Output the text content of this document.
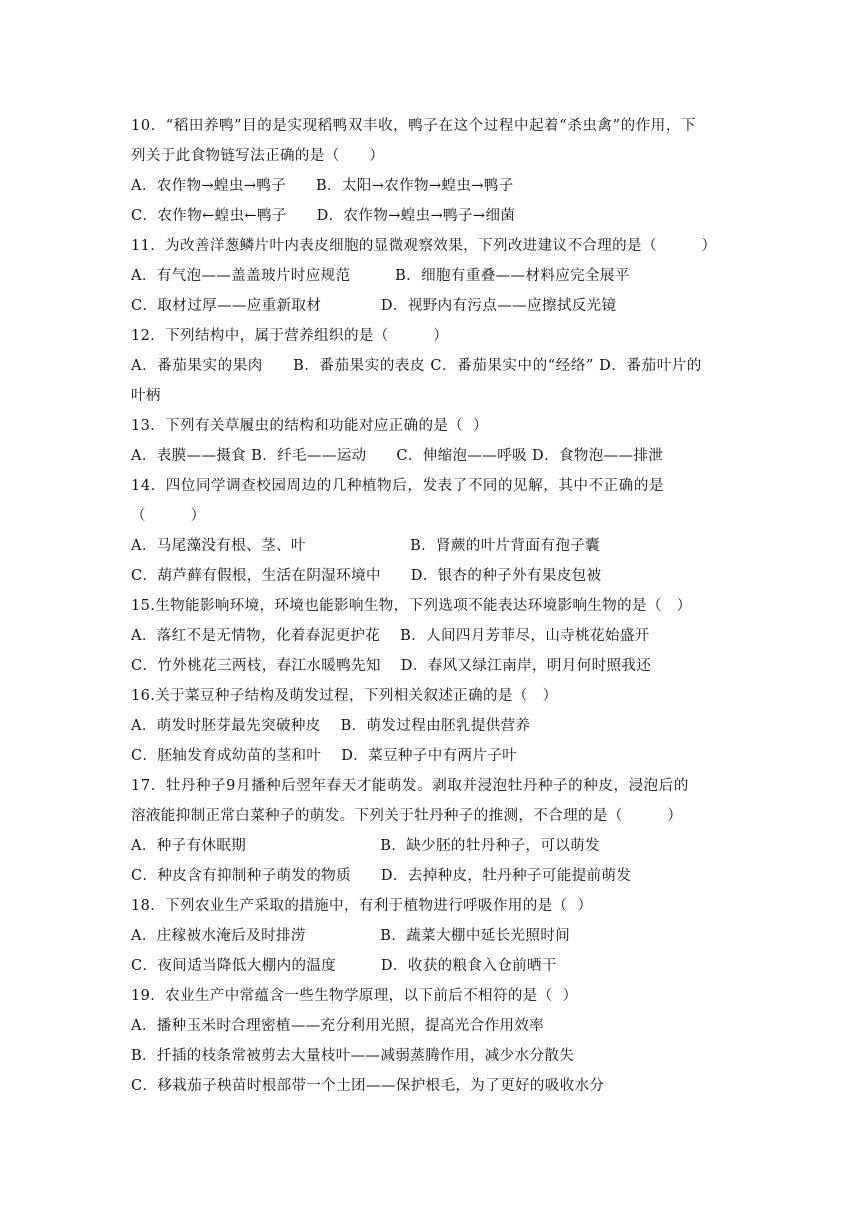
10．“稻田养鸭”目的是实现稻鸭双丰收，鸭子在这个过程中起着“杀虫禽”的作用，下
列关于此食物链写法正确的是（　　）
A．农作物→蝗虫→鸭子　　B．太阳→农作物→蝗虫→鸭子
C．农作物←蝗虫←鸭子　　D．农作物→蝗虫→鸭子→细菌
11．为改善洋葱鳞片叶内表皮细胞的显微观察效果，下列改进建议不合理的是（　　　）
A．有气泡——盖盖玻片时应规范　　　B．细胞有重叠——材料应完全展平
C．取材过厚——应重新取材　　　　D．视野内有污点——应擦拭反光镜
12．下列结构中，属于营养组织的是（　　　）
A．番茄果实的果肉　　B．番茄果实的表皮 C．番茄果实中的“经络” D．番茄叶片的
叶柄
13．下列有关草履虫的结构和功能对应正确的是（  ）
A．表膜——摄食 B．纤毛——运动　　C．伸缩泡——呼吸 D．食物泡——排泄
14．四位同学调查校园周边的几种植物后，发表了不同的见解，其中不正确的是
（　　　）
A．马尾藻没有根、茎、叶　　　　　　　B．肾蕨的叶片背面有孢子囊
C．葫芦藓有假根，生活在阴湿环境中　　D．银杏的种子外有果皮包被
15.生物能影响环境，环境也能影响生物，下列选项不能表达环境影响生物的是（　）
A．落红不是无情物，化着春泥更护花　 B．人间四月芳菲尽，山寺桃花始盛开
C．竹外桃花三两枝，春江水暖鸭先知　 D．春风又绿江南岸，明月何时照我还
16.关于菜豆种子结构及萌发过程，下列相关叙述正确的是（　）
A．萌发时胚芽最先突破种皮　 B．萌发过程由胚乳提供营养
C．胚轴发育成幼苗的茎和叶　 D．菜豆种子中有两片子叶
17．牡丹种子9月播种后翌年春天才能萌发。剥取并浸泡牡丹种子的种皮，浸泡后的
溶液能抑制正常白菜种子的萌发。下列关于牡丹种子的推测，不合理的是（　　　）
A．种子有休眠期　　　　　　　　　B．缺少胚的牡丹种子，可以萌发
C．种皮含有抑制种子萌发的物质　　D．去掉种皮，牡丹种子可能提前萌发
18．下列农业生产采取的措施中，有利于植物进行呼吸作用的是（  ）
A．庄稼被水淹后及时排涝　　　　　B．蔬菜大棚中延长光照时间
C．夜间适当降低大棚内的温度　　　D．收获的粮食入仓前晒干
19．农业生产中常蕴含一些生物学原理，以下前后不相符的是（  ）
A．播种玉米时合理密植——充分利用光照，提高光合作用效率
B．扦插的枝条常被剪去大量枝叶——减弱蒸腾作用，减少水分散失
C．移栽茄子秧苗时根部带一个土团——保护根毛，为了更好的吸收水分
